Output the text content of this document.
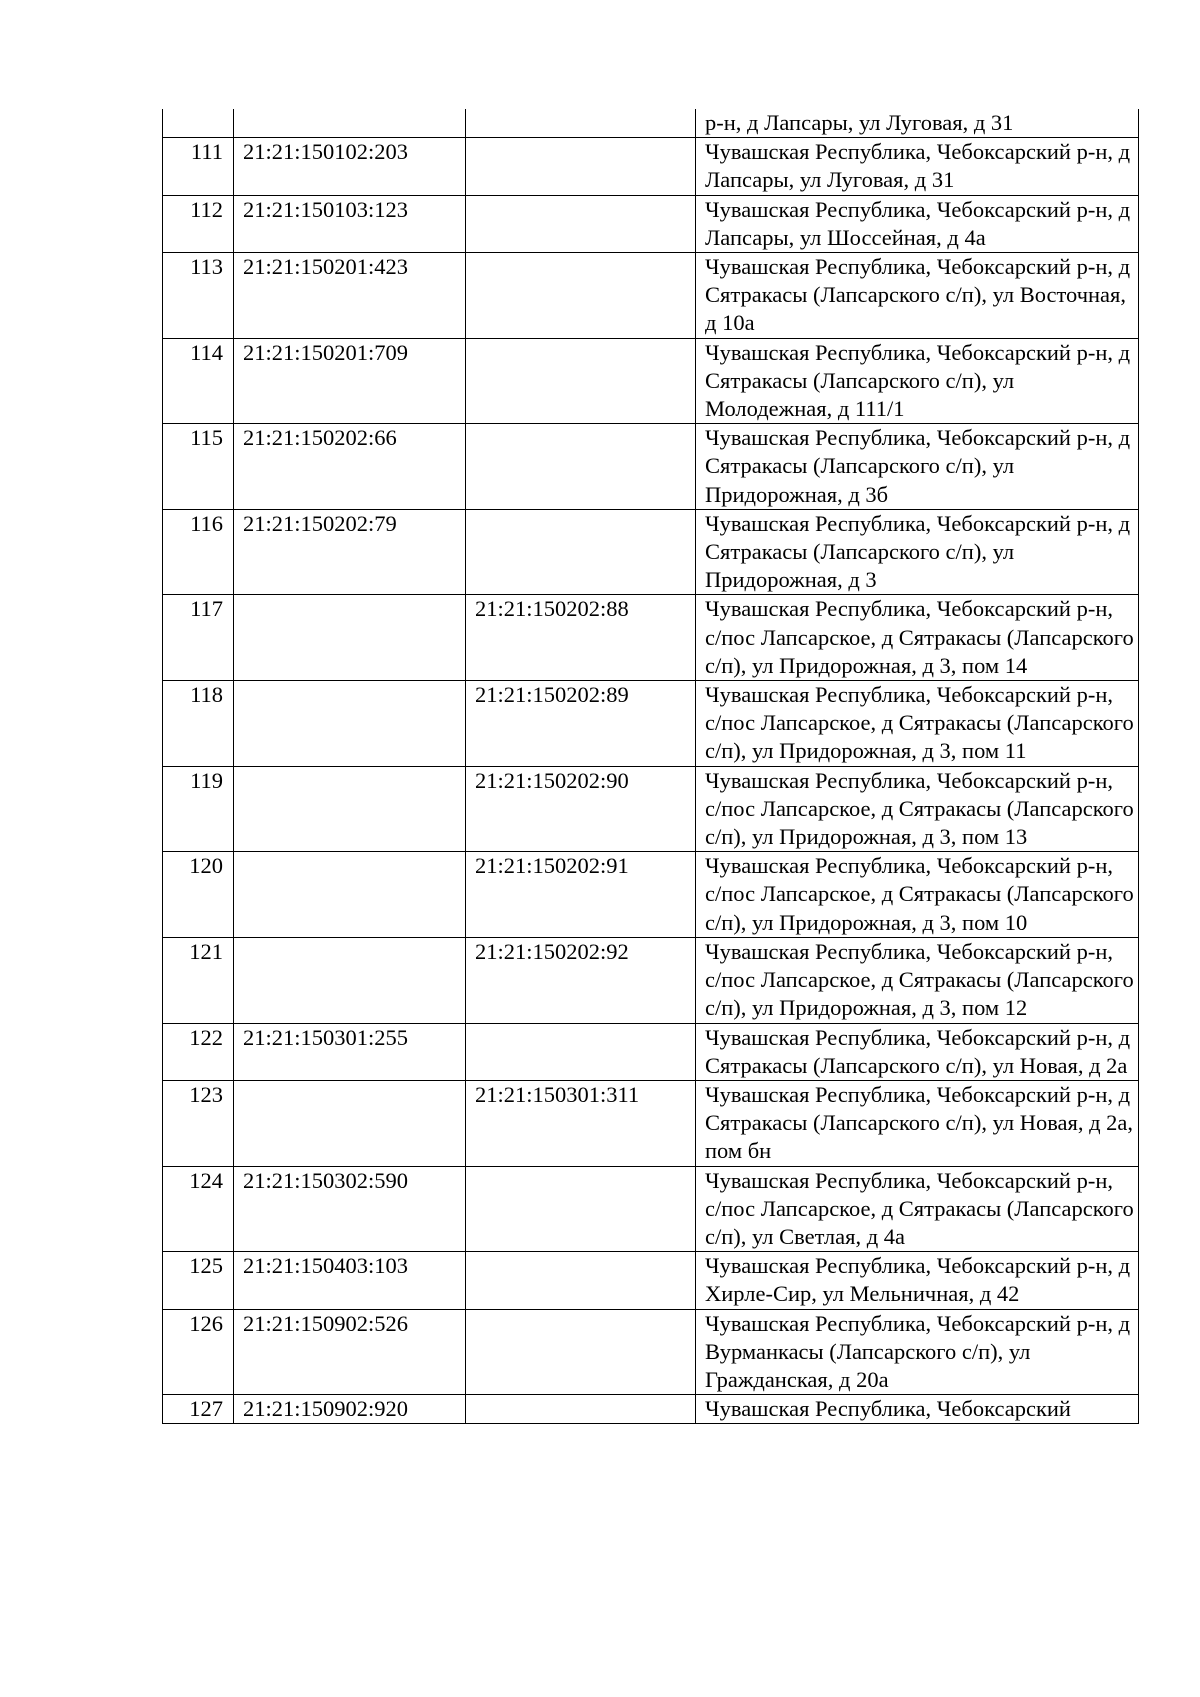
			р-н, д Лапсары, ул Луговая, д 31
111	21:21:150102:203		Чувашская Республика, Чебоксарский р-н, д Лапсары, ул Луговая, д 31
112	21:21:150103:123		Чувашская Республика, Чебоксарский р-н, д Лапсары, ул Шоссейная, д 4а
113	21:21:150201:423		Чувашская Республика, Чебоксарский р-н, д Сятракасы (Лапсарского с/п), ул Восточная, д 10а
114	21:21:150201:709		Чувашская Республика, Чебоксарский р-н, д Сятракасы (Лапсарского с/п), ул Молодежная, д 111/1
115	21:21:150202:66		Чувашская Республика, Чебоксарский р-н, д Сятракасы (Лапсарского с/п), ул Придорожная, д 3б
116	21:21:150202:79		Чувашская Республика, Чебоксарский р-н, д Сятракасы (Лапсарского с/п), ул Придорожная, д 3
117		21:21:150202:88	Чувашская Республика, Чебоксарский р-н, с/пос Лапсарское, д Сятракасы (Лапсарского с/п), ул Придорожная, д 3, пом 14
118		21:21:150202:89	Чувашская Республика, Чебоксарский р-н, с/пос Лапсарское, д Сятракасы (Лапсарского с/п), ул Придорожная, д 3, пом 11
119		21:21:150202:90	Чувашская Республика, Чебоксарский р-н, с/пос Лапсарское, д Сятракасы (Лапсарского с/п), ул Придорожная, д 3, пом 13
120		21:21:150202:91	Чувашская Республика, Чебоксарский р-н, с/пос Лапсарское, д Сятракасы (Лапсарского с/п), ул Придорожная, д 3, пом 10
121		21:21:150202:92	Чувашская Республика, Чебоксарский р-н, с/пос Лапсарское, д Сятракасы (Лапсарского с/п), ул Придорожная, д 3, пом 12
122	21:21:150301:255		Чувашская Республика, Чебоксарский р-н, д Сятракасы (Лапсарского с/п), ул Новая, д 2а
123		21:21:150301:311	Чувашская Республика, Чебоксарский р-н, д Сятракасы (Лапсарского с/п), ул Новая, д 2а, пом бн
124	21:21:150302:590		Чувашская Республика, Чебоксарский р-н, с/пос Лапсарское, д Сятракасы (Лапсарского с/п), ул Светлая, д 4а
125	21:21:150403:103		Чувашская Республика, Чебоксарский р-н, д Хирле-Сир, ул Мельничная, д 42
126	21:21:150902:526		Чувашская Республика, Чебоксарский р-н, д Вурманкасы (Лапсарского с/п), ул Гражданская, д 20а
127	21:21:150902:920		Чувашская Республика, Чебоксарский
